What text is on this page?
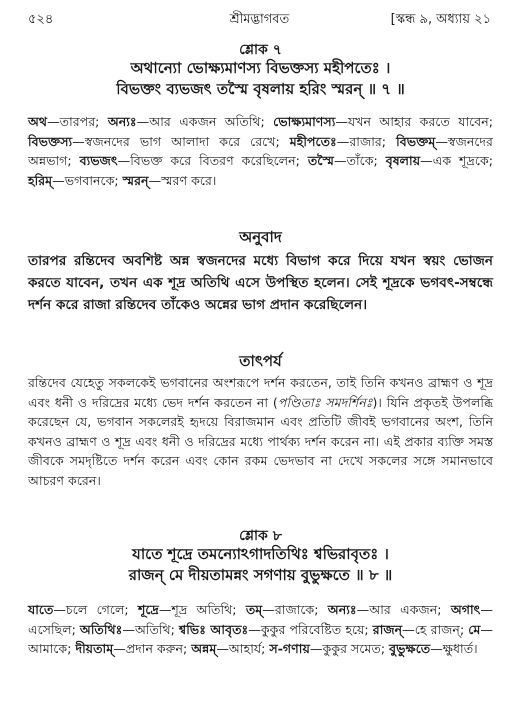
৫২৪	শ্রীমদ্ভাগবত	[স্কন্ধ ৯, অধ্যায় ২১
শ্লোক ৭
অথান্যো ভোক্ষ্যমাণস্য বিভক্তস্য মহীপতেঃ ।
বিভক্তং ব্যভজৎ তস্মৈ বৃষলায় হরিং স্মরন্ ॥ ৭ ॥
অথ—তারপর; অন্যঃ—আর একজন অতিথি; ভোক্ষ্যমাণস্য—যখন আহার করতে যাবেন; বিভক্তস্য—স্বজনদের ভাগ আলাদা করে রেখে; মহীপতেঃ—রাজার; বিভক্তম্—স্বজনদের অন্নভাগ; ব্যভজৎ—বিভক্ত করে বিতরণ করেছিলেন; তস্মৈ—তাঁকে; বৃষলায়—এক শূদ্রকে; হরিম্—ভগবানকে; স্মরন্—স্মরণ করে।
অনুবাদ
তারপর রন্তিদেব অবশিষ্ট অন্ন স্বজনদের মধ্যে বিভাগ করে দিয়ে যখন স্বয়ং ভোজন করতে যাবেন, তখন এক শূদ্র অতিথি এসে উপস্থিত হলেন। সেই শূদ্রকে ভগবৎ-সম্বন্ধে দর্শন করে রাজা রন্তিদেব তাঁকেও অন্নের ভাগ প্রদান করেছিলেন।
তাৎপর্য
রন্তিদেব যেহেতু সকলকেই ভগবানের অংশরূপে দর্শন করতেন, তাই তিনি কখনও ব্রাহ্মণ ও শূদ্র এবং ধনী ও দরিদ্রের মধ্যে ভেদ দর্শন করতেন না (পণ্ডিতাঃ সমদর্শিনঃ)। যিনি প্রকৃতই উপলব্ধি করেছেন যে, ভগবান সকলেরই হৃদয়ে বিরাজমান এবং প্রতিটি জীবই ভগবানের অংশ, তিনি কখনও ব্রাহ্মণ ও শূদ্র এবং ধনী ও দরিদ্রের মধ্যে পার্থক্য দর্শন করেন না। এই প্রকার ব্যক্তি সমস্ত জীবকে সমদৃষ্টিতে দর্শন করেন এবং কোন রকম ভেদভাব না দেখে সকলের সঙ্গে সমানভাবে আচরণ করেন।
শ্লোক ৮
যাতে শূদ্রে তমন্যোঽগাদতিথিঃ শ্বভিরাবৃতঃ ।
রাজন্ মে দীয়তামন্নং সগণায় বুভুক্ষতে ॥ ৮ ॥
যাতে—চলে গেলে; শূদ্রে—শূদ্র অতিথি; তম্—রাজাকে; অন্যঃ—আর একজন; অগাৎ—এসেছিল; অতিথিঃ—অতিথি; শ্বভিঃ আবৃতঃ—কুকুর পরিবেষ্টিত হয়ে; রাজন্—হে রাজন্; মে—আমাকে; দীয়তাম্—প্রদান করুন; অন্নম্—আহার্য; স-গণায়—কুকুর সমেত; বুভুক্ষতে—ক্ষুধার্ত।
